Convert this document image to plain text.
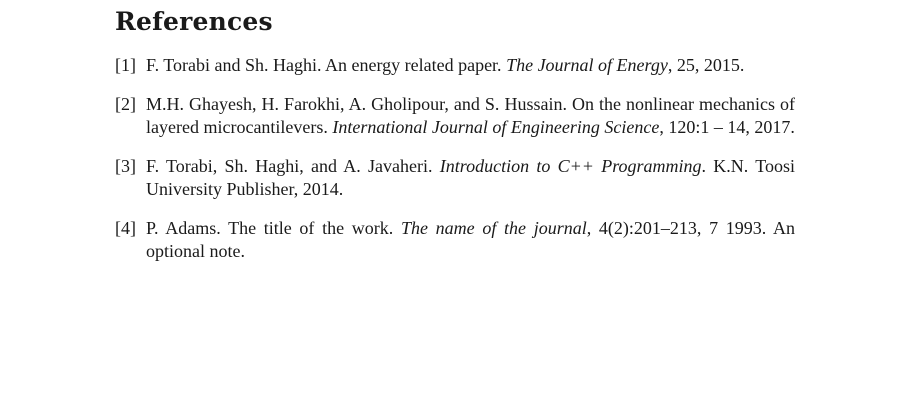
References
[1] F. Torabi and Sh. Haghi. An energy related paper. The Journal of Energy, 25, 2015.
[2] M.H. Ghayesh, H. Farokhi, A. Gholipour, and S. Hussain. On the nonlinear mechanics of layered microcantilevers. International Journal of Engineering Science, 120:1 – 14, 2017.
[3] F. Torabi, Sh. Haghi, and A. Javaheri. Introduction to C++ Programming. K.N. Toosi University Publisher, 2014.
[4] P. Adams. The title of the work. The name of the journal, 4(2):201–213, 7 1993. An optional note.
